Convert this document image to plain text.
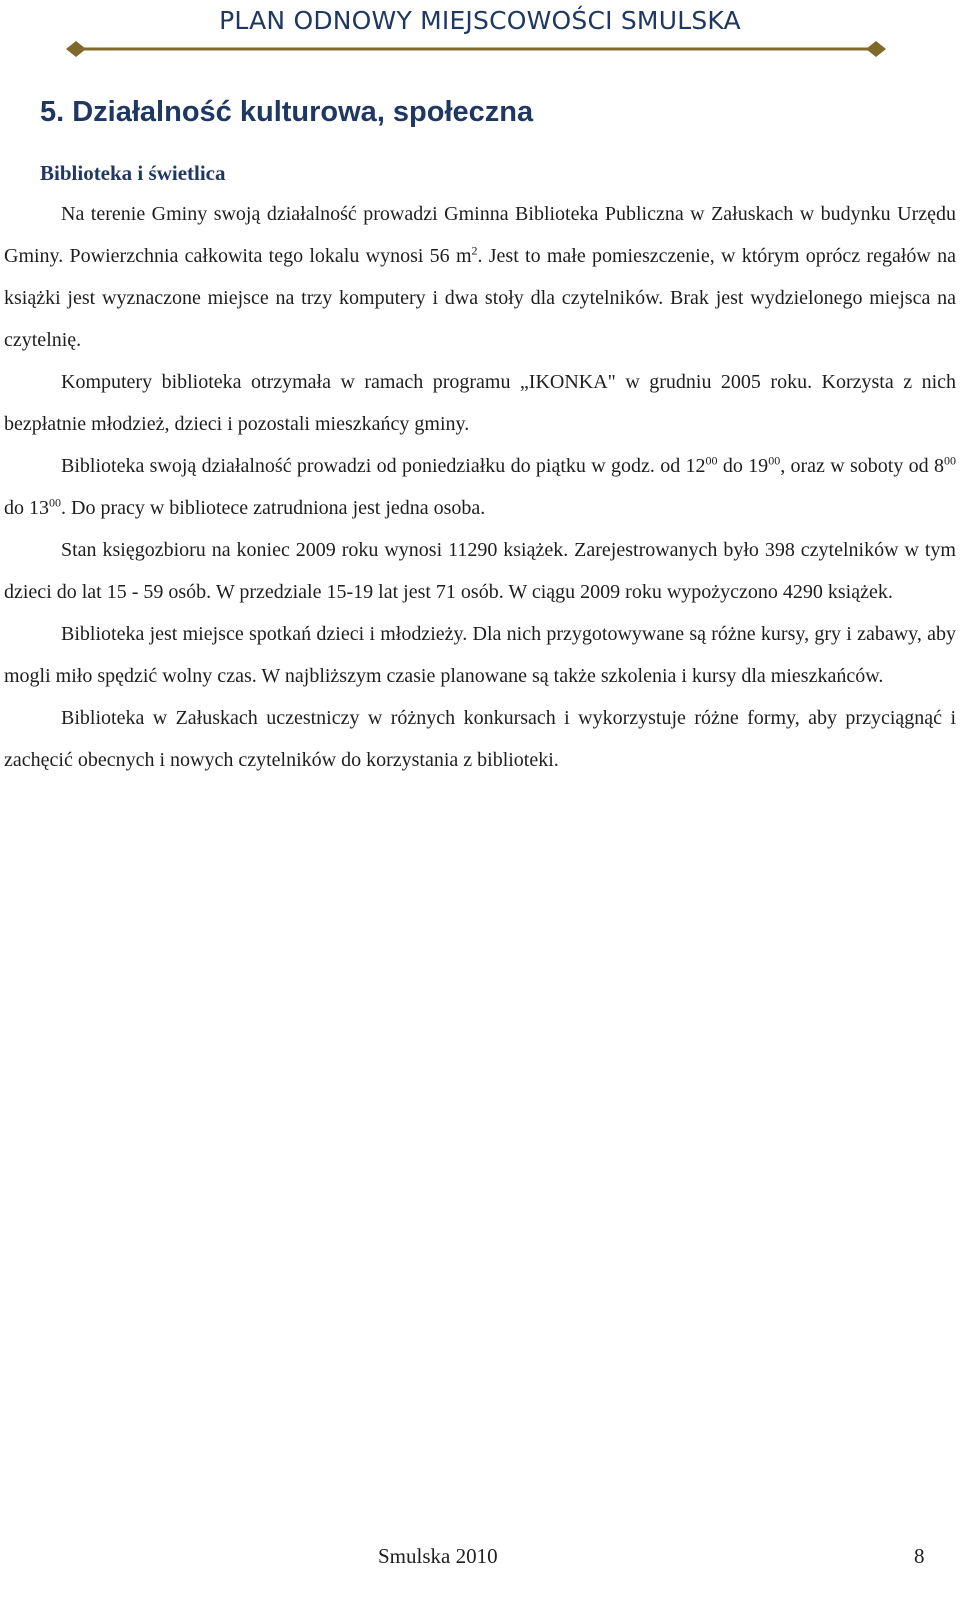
PLAN ODNOWY MIEJSCOWOŚCI SMULSKA
5. Działalność kulturowa, społeczna
Biblioteka i świetlica

Na terenie Gminy swoją działalność prowadzi Gminna Biblioteka Publiczna w Załuskach w budynku Urzędu Gminy. Powierzchnia całkowita tego lokalu wynosi 56 $m^2$. Jest to małe pomieszczenie, w którym oprócz regałów na książki jest wyznaczone miejsce na trzy komputery i dwa stoły dla czytelników. Brak jest wydzielonego miejsca na czytelnię.

Komputery biblioteka otrzymała w ramach programu „IKONKA" w grudniu 2005 roku. Korzysta z nich bezpłatnie młodzież, dzieci i pozostali mieszkańcy gminy.

Biblioteka swoją działalność prowadzi od poniedziałku do piątku w godz. od $12^{00}$ do $19^{00}$, oraz w soboty od $8^{00}$ do $13^{00}$. Do pracy w bibliotece zatrudniona jest jedna osoba.

Stan księgozbioru na koniec 2009 roku wynosi 11290 książek. Zarejestrowanych było 398 czytelników w tym dzieci do lat 15 - 59 osób. W przedziale 15-19 lat jest 71 osób. W ciągu 2009 roku wypożyczono 4290 książek.

Biblioteka jest miejsce spotkań dzieci i młodzieży. Dla nich przygotowywane są różne kursy, gry i zabawy, aby mogli miło spędzić wolny czas. W najbliższym czasie planowane są także szkolenia i kursy dla mieszkańców.

Biblioteka w Załuskach uczestniczy w różnych konkursach i wykorzystuje różne formy, aby przyciągnąć i zachęcić obecnych i nowych czytelników do korzystania z biblioteki.

Smulska 2010	8
